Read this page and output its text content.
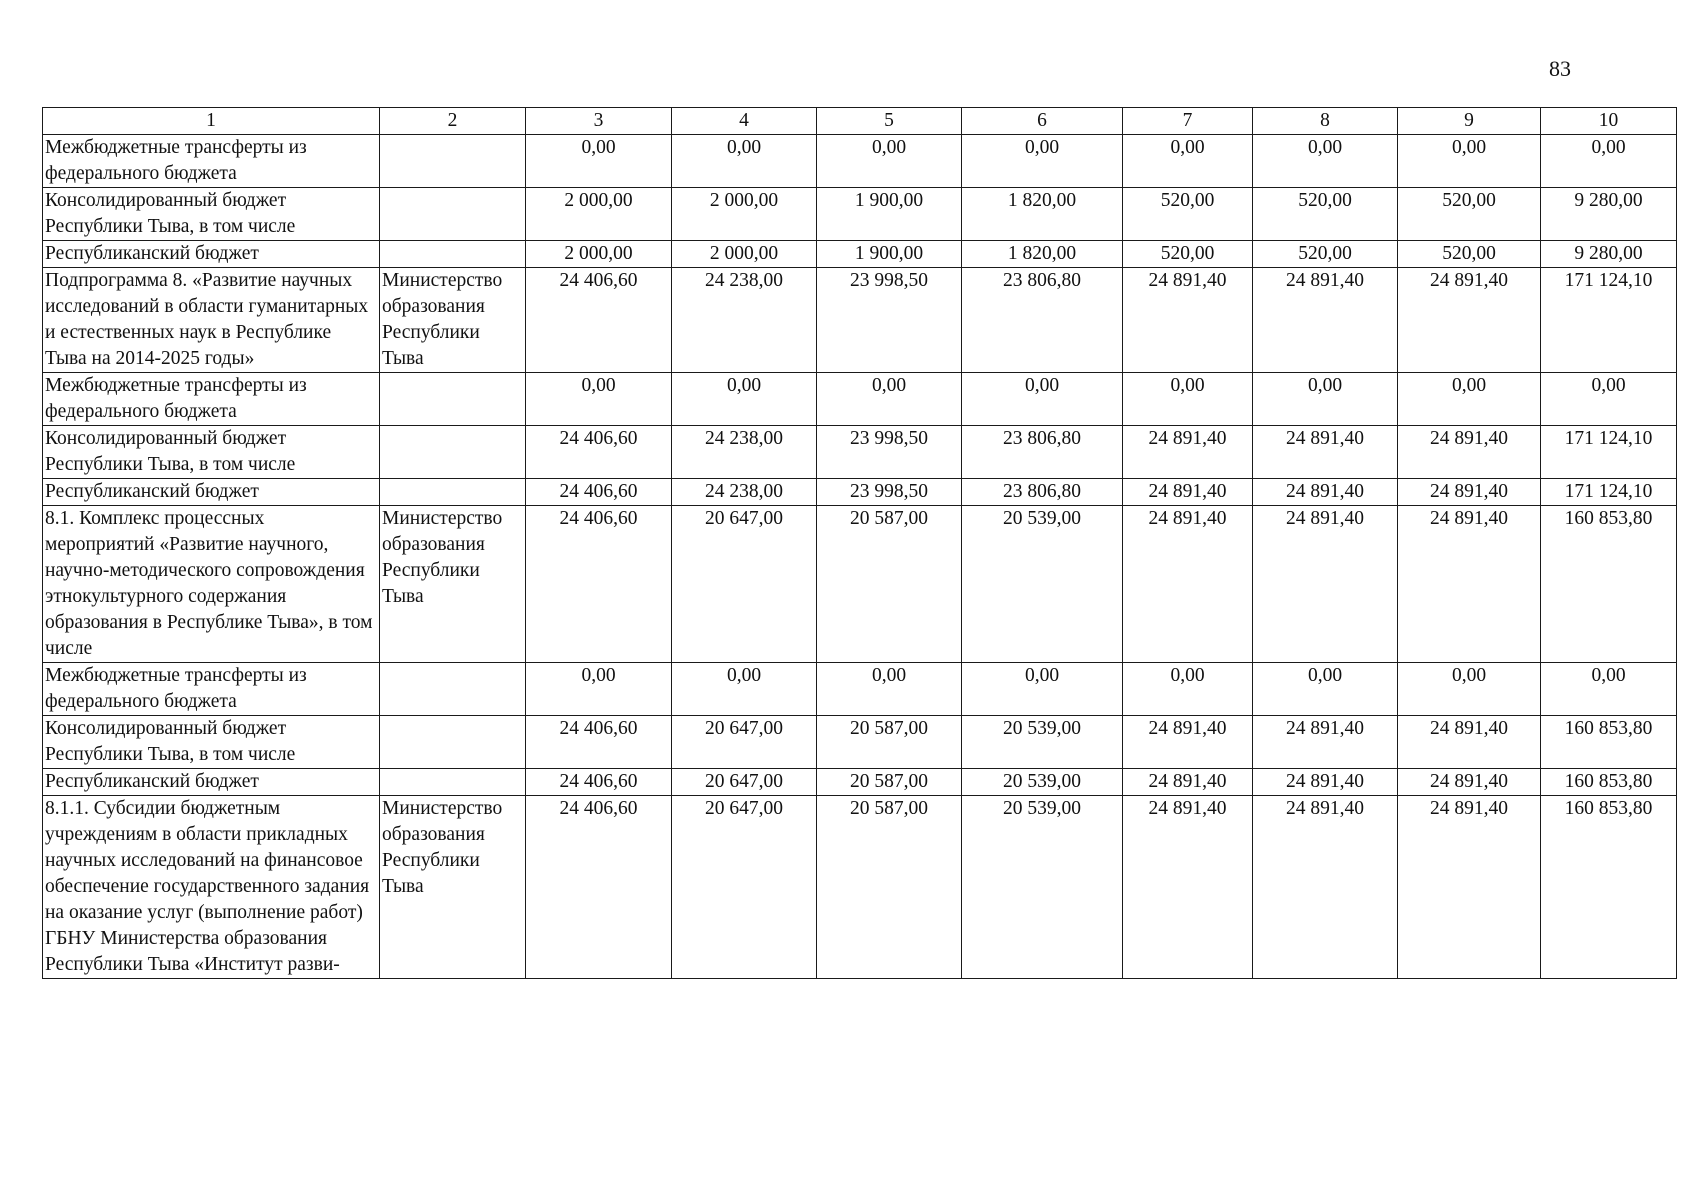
83
1	2	3	4	5	6	7	8	9	10
Межбюджетные трансферты из федерального бюджета		0,00	0,00	0,00	0,00	0,00	0,00	0,00	0,00
Консолидированный бюджет Республики Тыва, в том числе		2 000,00	2 000,00	1 900,00	1 820,00	520,00	520,00	520,00	9 280,00
Республиканский бюджет		2 000,00	2 000,00	1 900,00	1 820,00	520,00	520,00	520,00	9 280,00
Подпрограмма 8. «Развитие научных исследований в области гуманитарных и естественных наук в Республике Тыва на 2014-2025 годы»	Министерство образования Республики Тыва	24 406,60	24 238,00	23 998,50	23 806,80	24 891,40	24 891,40	24 891,40	171 124,10
Межбюджетные трансферты из федерального бюджета		0,00	0,00	0,00	0,00	0,00	0,00	0,00	0,00
Консолидированный бюджет Республики Тыва, в том числе		24 406,60	24 238,00	23 998,50	23 806,80	24 891,40	24 891,40	24 891,40	171 124,10
Республиканский бюджет		24 406,60	24 238,00	23 998,50	23 806,80	24 891,40	24 891,40	24 891,40	171 124,10
8.1. Комплекс процессных мероприятий «Развитие научного, научно-методического сопровождения этнокультурного содержания образования в Республике Тыва», в том числе	Министерство образования Республики Тыва	24 406,60	20 647,00	20 587,00	20 539,00	24 891,40	24 891,40	24 891,40	160 853,80
Межбюджетные трансферты из федерального бюджета		0,00	0,00	0,00	0,00	0,00	0,00	0,00	0,00
Консолидированный бюджет Республики Тыва, в том числе		24 406,60	20 647,00	20 587,00	20 539,00	24 891,40	24 891,40	24 891,40	160 853,80
Республиканский бюджет		24 406,60	20 647,00	20 587,00	20 539,00	24 891,40	24 891,40	24 891,40	160 853,80
8.1.1. Субсидии бюджетным учреждениям в области прикладных научных исследований на финансовое обеспечение государственного задания на оказание услуг (выполнение работ) ГБНУ Министерства образования Республики Тыва «Институт разви-	Министерство образования Республики Тыва	24 406,60	20 647,00	20 587,00	20 539,00	24 891,40	24 891,40	24 891,40	160 853,80
